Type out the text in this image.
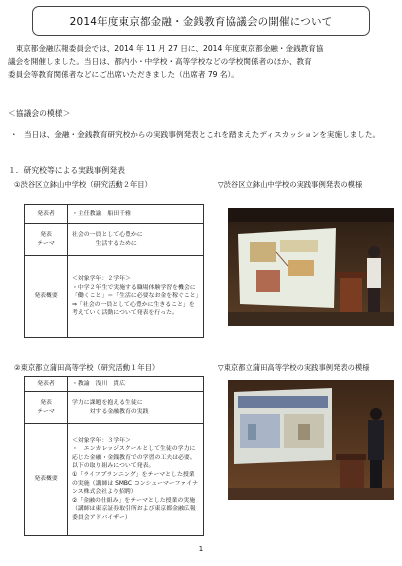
2014年度東京都金融・金銭教育協議会の開催について
東京都金融広報委員会では、2014 年 11 月 27 日に、2014 年度東京都金融・金銭教育協
議会を開催しました。当日は、都内小・中学校・高等学校などの学校関係者のほか、教育
委員会等教育関係者などにご出席いただきました（出席者 79 名）。
＜協議会の模様＞
・ 当日は、金融・金銭教育研究校からの実践事例発表とこれを踏まえたディスカッションを実施しました。
１．研究校等による実践事例発表
①渋谷区立鉢山中学校（研究活動２年目）	▽渋谷区立鉢山中学校の実践事例発表の模様
発表者	・主任教諭　船田千雅
発表
テーマ	社会の一員として心豊かに
　　　　生活するために
発表概要	＜対象学年：２学年＞
・中学２年生で実施する職場体験学習を機会に「働くこと」＝「生活に必要なお金を稼ぐこと」⇒「社会の一員として心豊かに生きること」を考えていく活動について発表を行った。
②東京都立蒲田高等学校（研究活動１年目）	▽東京都立蒲田高等学校の実践事例発表の模様
発表者	・教諭　浅川　貴広
発表
テーマ	学力に課題を抱える生徒に
　　　対する金融教育の実践
発表概要	＜対象学年：３学年＞
・　エンカレッジスクールとして生徒の学力に応じた金融・金銭教育での学習の工夫は必要。以下の取り組みについて発表。
①「ライフプランニング」をテーマとした授業の実施（講師は SMBC コンシューマーファイナンス株式会社より招聘）
②「金融の仕組み」をテーマとした授業の実施（講師は東京証券取引所および東京都金融広報委員会アドバイザー）
1
